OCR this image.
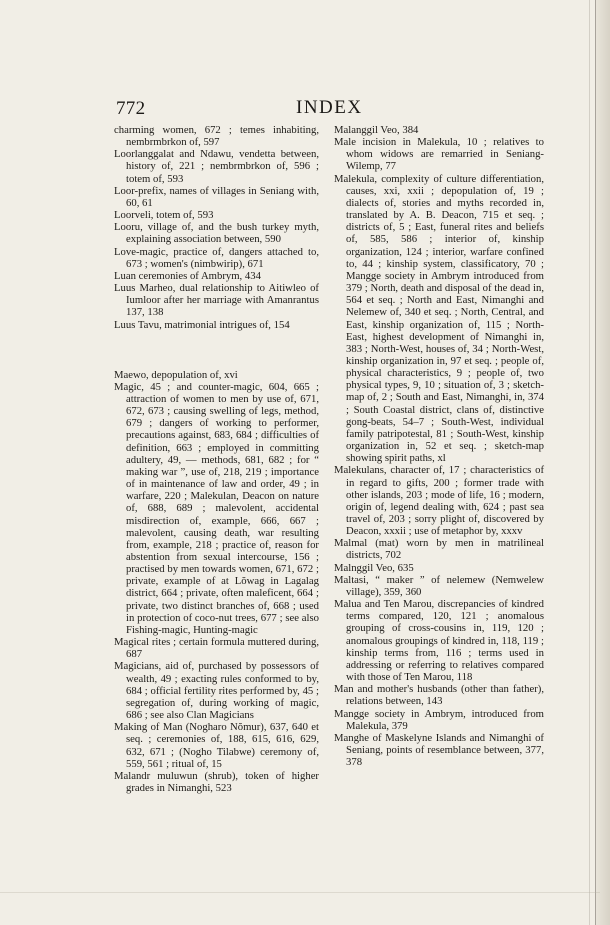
772	INDEX

charming women, 672 ; temes inhabiting, nembrmbrkon of, 597

Loorlanggalat and Ndawu, vendetta between, history of, 221 ; nembrmbrkon of, 596 ; totem of, 593

Loor-prefix, names of villages in Seniang with, 60, 61

Loorveli, totem of, 593

Looru, village of, and the bush turkey myth, explaining association between, 590

Love-magic, practice of, dangers attached to, 673 ; women's (nimbwirip), 671

Luan ceremonies of Ambrym, 434

Luus Marheo, dual relationship to Aitiwleo of Iumloor after her marriage with Amanrantus 137, 138

Luus Tavu, matrimonial intrigues of, 154

Maewo, depopulation of, xvi

Magic, 45 ; and counter-magic, 604, 665 ; attraction of women to men by use of, 671, 672, 673 ; causing swelling of legs, method, 679 ; dangers of working to performer, precautions against, 683, 684 ; difficulties of definition, 663 ; employed in committing adultery, 49, — methods, 681, 682 ; for “ making war ”, use of, 218, 219 ; importance of in maintenance of law and order, 49 ; in warfare, 220 ; Malekulan, Deacon on nature of, 688, 689 ; malevolent, accidental misdirection of, example, 666, 667 ; malevolent, causing death, war resulting from, example, 218 ; practice of, reason for abstention from sexual intercourse, 156 ; practised by men towards women, 671, 672 ; private, example of at Lŏwag in Lagalag district, 664 ; private, often maleficent, 664 ; private, two distinct branches of, 668 ; used in protection of coco-nut trees, 677 ; see also Fishing-magic, Hunting-magic

Magical rites ; certain formula muttered during, 687

Magicians, aid of, purchased by possessors of wealth, 49 ; exacting rules conformed to by, 684 ; official fertility rites performed by, 45 ; segregation of, during working of magic, 686 ; see also Clan Magicians

Making of Man (Nogharo Nŏmur), 637, 640 et seq. ; ceremonies of, 188, 615, 616, 629, 632, 671 ; (Nogho Tilabwe) ceremony of, 559, 561 ; ritual of, 15

Malandr muluwun (shrub), token of higher grades in Nimanghi, 523

Malanggil Veo, 384

Male incision in Malekula, 10 ; relatives to whom widows are remarried in Seniang-Wilemp, 77

Malekula, complexity of culture differentiation, causes, xxi, xxii ; depopulation of, 19 ; dialects of, stories and myths recorded in, translated by A. B. Deacon, 715 et seq. ; districts of, 5 ; East, funeral rites and beliefs of, 585, 586 ; interior of, kinship organization, 124 ; interior, warfare confined to, 44 ; kinship system, classificatory, 70 ; Mangge society in Ambrym introduced from 379 ; North, death and disposal of the dead in, 564 et seq. ; North and East, Nimanghi and Nelemew of, 340 et seq. ; North, Central, and East, kinship organization of, 115 ; North-East, highest development of Nimanghi in, 383 ; North-West, houses of, 34 ; North-West, kinship organization in, 97 et seq. ; people of, physical characteristics, 9 ; people of, two physical types, 9, 10 ; situation of, 3 ; sketch-map of, 2 ; South and East, Nimanghi, in, 374 ; South Coastal district, clans of, distinctive gong-beats, 54–7 ; South-West, individual family patripotestal, 81 ; South-West, kinship organization in, 52 et seq. ; sketch-map showing spirit paths, xl

Malekulans, character of, 17 ; characteristics of in regard to gifts, 200 ; former trade with other islands, 203 ; mode of life, 16 ; modern, origin of, legend dealing with, 624 ; past sea travel of, 203 ; sorry plight of, discovered by Deacon, xxxii ; use of metaphor by, xxxv

Malmal (mat) worn by men in matrilineal districts, 702

Malnggil Veo, 635

Maltasi, “ maker ” of nelemew (Nemwelew village), 359, 360

Malua and Ten Marou, discrepancies of kindred terms compared, 120, 121 ; anomalous grouping of cross-cousins in, 119, 120 ; anomalous groupings of kindred in, 118, 119 ; kinship terms from, 116 ; terms used in addressing or referring to relatives compared with those of Ten Marou, 118

Man and mother's husbands (other than father), relations between, 143

Mangge society in Ambrym, introduced from Malekula, 379

Manghe of Maskelyne Islands and Nimanghi of Seniang, points of resemblance between, 377, 378
